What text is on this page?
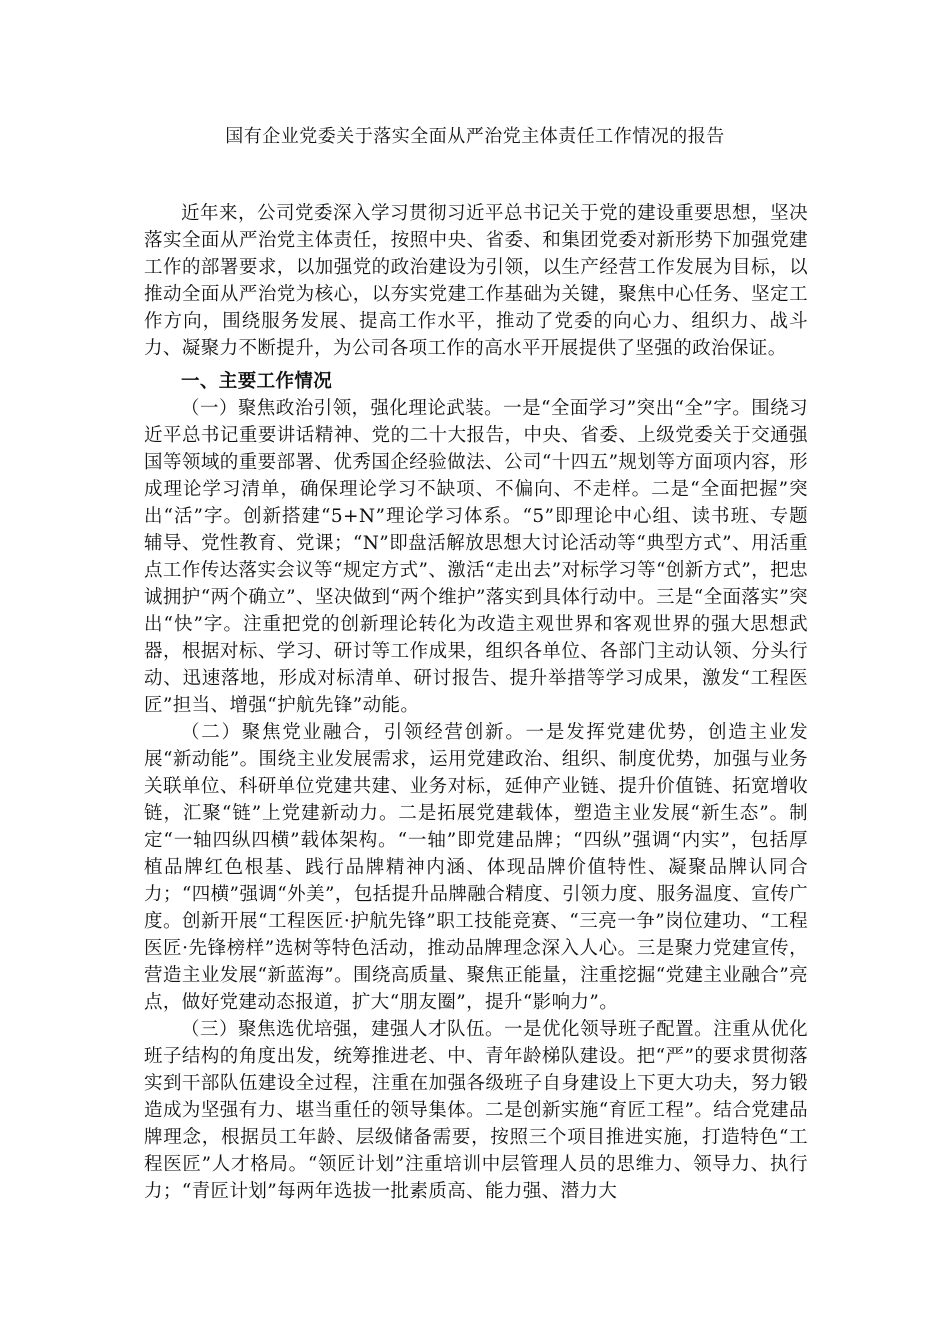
国有企业党委关于落实全面从严治党主体责任工作情况的报告

近年来，公司党委深入学习贯彻习近平总书记关于党的建设重要思想，坚决落实全面从严治党主体责任，按照中央、省委、和集团党委对新形势下加强党建工作的部署要求，以加强党的政治建设为引领，以生产经营工作发展为目标，以推动全面从严治党为核心，以夯实党建工作基础为关键，聚焦中心任务、坚定工作方向，围绕服务发展、提高工作水平，推动了党委的向心力、组织力、战斗力、凝聚力不断提升，为公司各项工作的高水平开展提供了坚强的政治保证。

一、主要工作情况

（一）聚焦政治引领，强化理论武装。一是“全面学习”突出“全”字。围绕习近平总书记重要讲话精神、党的二十大报告，中央、省委、上级党委关于交通强国等领域的重要部署、优秀国企经验做法、公司“十四五”规划等方面项内容，形成理论学习清单，确保理论学习不缺项、不偏向、不走样。二是“全面把握”突出“活”字。创新搭建“5+N”理论学习体系。“5”即理论中心组、读书班、专题辅导、党性教育、党课；“N”即盘活解放思想大讨论活动等“典型方式”、用活重点工作传达落实会议等“规定方式”、激活“走出去”对标学习等“创新方式”，把忠诚拥护“两个确立”、坚决做到“两个维护”落实到具体行动中。三是“全面落实”突出“快”字。注重把党的创新理论转化为改造主观世界和客观世界的强大思想武器，根据对标、学习、研讨等工作成果，组织各单位、各部门主动认领、分头行动、迅速落地，形成对标清单、研讨报告、提升举措等学习成果，激发“工程医匠”担当、增强“护航先锋”动能。

（二）聚焦党业融合，引领经营创新。一是发挥党建优势，创造主业发展“新动能”。围绕主业发展需求，运用党建政治、组织、制度优势，加强与业务关联单位、科研单位党建共建、业务对标，延伸产业链、提升价值链、拓宽增收链，汇聚“链”上党建新动力。二是拓展党建载体，塑造主业发展“新生态”。制定“一轴四纵四横”载体架构。“一轴”即党建品牌；“四纵”强调“内实”，包括厚植品牌红色根基、践行品牌精神内涵、体现品牌价值特性、凝聚品牌认同合力；“四横”强调“外美”，包括提升品牌融合精度、引领力度、服务温度、宣传广度。创新开展“工程医匠·护航先锋”职工技能竞赛、“三亮一争”岗位建功、“工程医匠·先锋榜样”选树等特色活动，推动品牌理念深入人心。三是聚力党建宣传，营造主业发展“新蓝海”。围绕高质量、聚焦正能量，注重挖掘“党建主业融合”亮点，做好党建动态报道，扩大“朋友圈”，提升“影响力”。

（三）聚焦选优培强，建强人才队伍。一是优化领导班子配置。注重从优化班子结构的角度出发，统筹推进老、中、青年龄梯队建设。把“严”的要求贯彻落实到干部队伍建设全过程，注重在加强各级班子自身建设上下更大功夫，努力锻造成为坚强有力、堪当重任的领导集体。二是创新实施“育匠工程”。结合党建品牌理念，根据员工年龄、层级储备需要，按照三个项目推进实施，打造特色“工程医匠”人才格局。“领匠计划”注重培训中层管理人员的思维力、领导力、执行力；“青匠计划”每两年选拔一批素质高、能力强、潜力大
